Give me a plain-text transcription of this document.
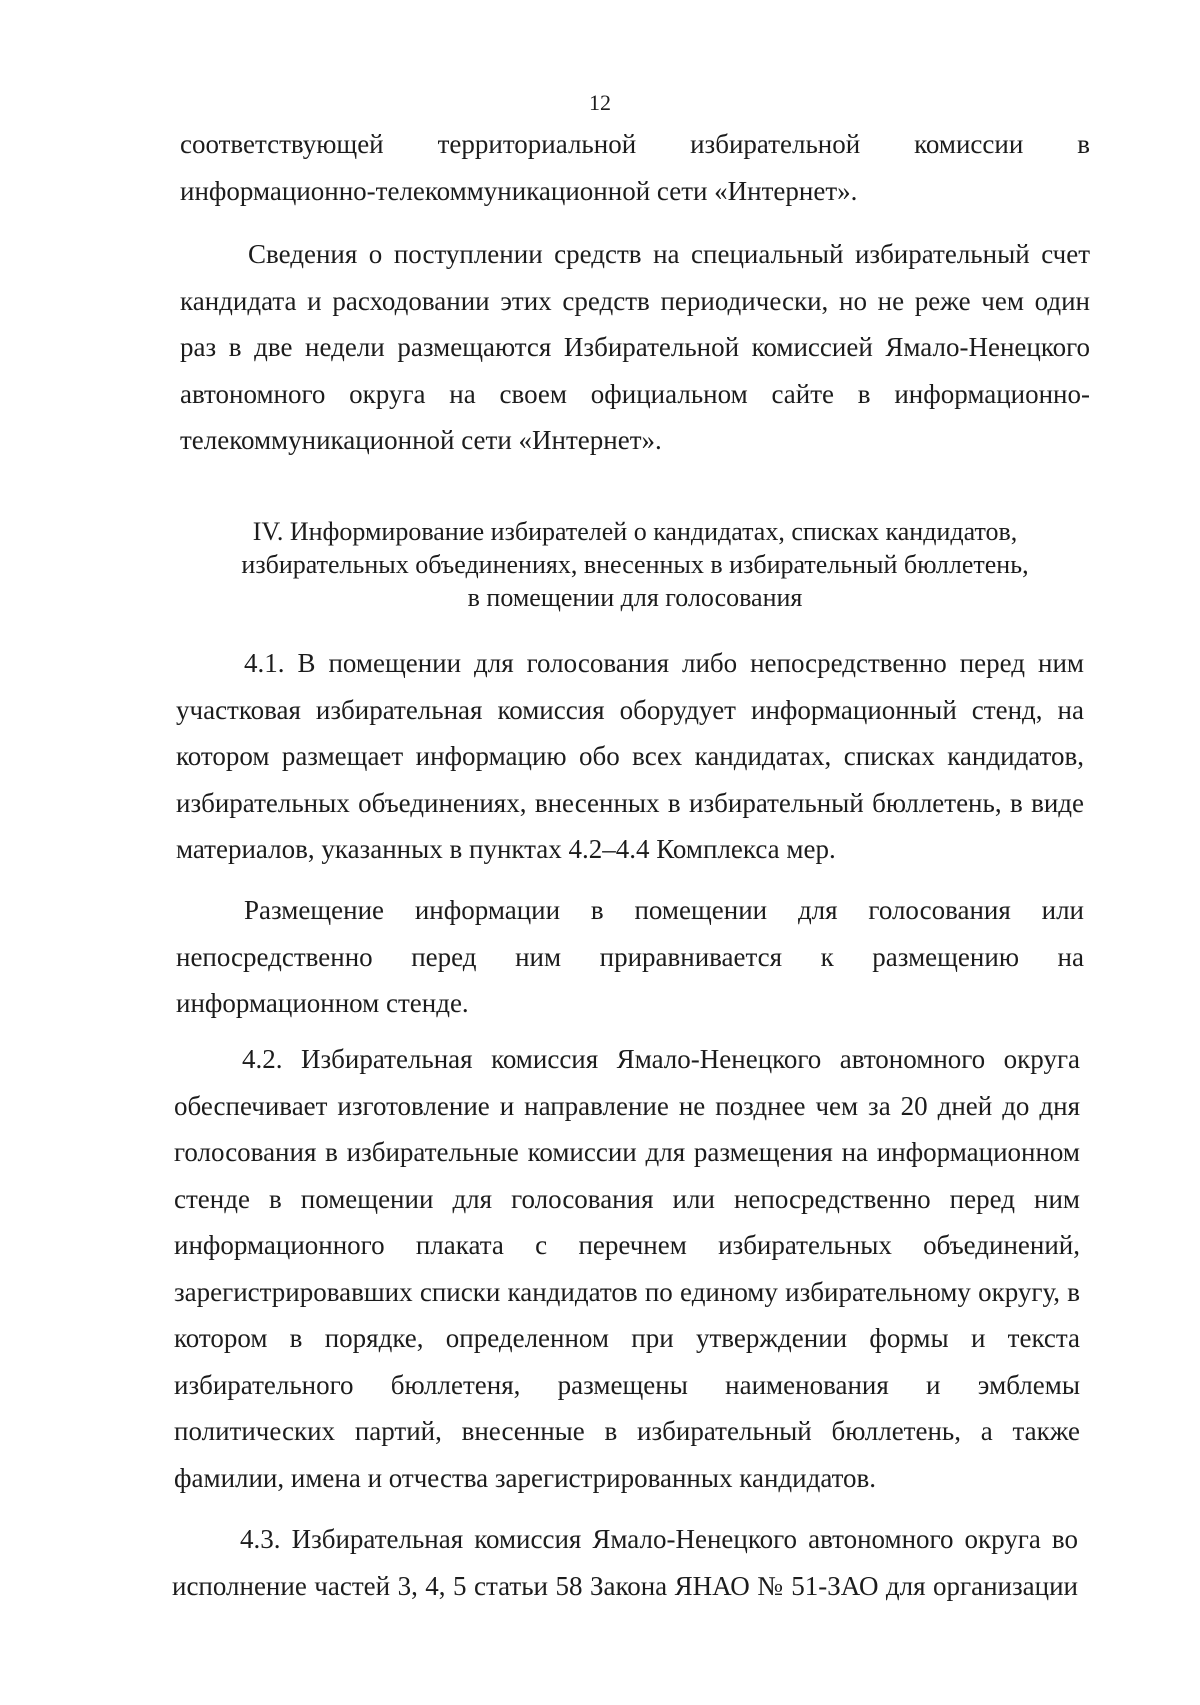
12

соответствующей территориальной избирательной комиссии в

информационно-телекоммуникационной сети «Интернет».

Сведения о поступлении средств на специальный избирательный счет

кандидата и расходовании этих средств периодически, но не реже чем один

раз в две недели размещаются Избирательной комиссией Ямало-Ненецкого

автономного округа на своем официальном сайте в информационно-

телекоммуникационной сети «Интернет».

IV. Информирование избирателей о кандидатах, списках кандидатов,

избирательных объединениях, внесенных в избирательный бюллетень,

в помещении для голосования

4.1. В помещении для голосования либо непосредственно перед ним

участковая избирательная комиссия оборудует информационный стенд, на

котором размещает информацию обо всех кандидатах, списках кандидатов,

избирательных объединениях, внесенных в избирательный бюллетень, в виде

материалов, указанных в пунктах 4.2–4.4 Комплекса мер.

Размещение информации в помещении для голосования или

непосредственно перед ним приравнивается к размещению на

информационном стенде.

4.2. Избирательная комиссия Ямало-Ненецкого автономного округа

обеспечивает изготовление и направление не позднее чем за 20 дней до дня

голосования в избирательные комиссии для размещения на информационном

стенде в помещении для голосования или непосредственно перед ним

информационного плаката с перечнем избирательных объединений,

зарегистрировавших списки кандидатов по единому избирательному округу, в

котором в порядке, определенном при утверждении формы и текста

избирательного бюллетеня, размещены наименования и эмблемы

политических партий, внесенные в избирательный бюллетень, а также

фамилии, имена и отчества зарегистрированных кандидатов.

4.3. Избирательная комиссия Ямало-Ненецкого автономного округа во

исполнение частей 3, 4, 5 статьи 58 Закона ЯНАО № 51-ЗАО для организации
